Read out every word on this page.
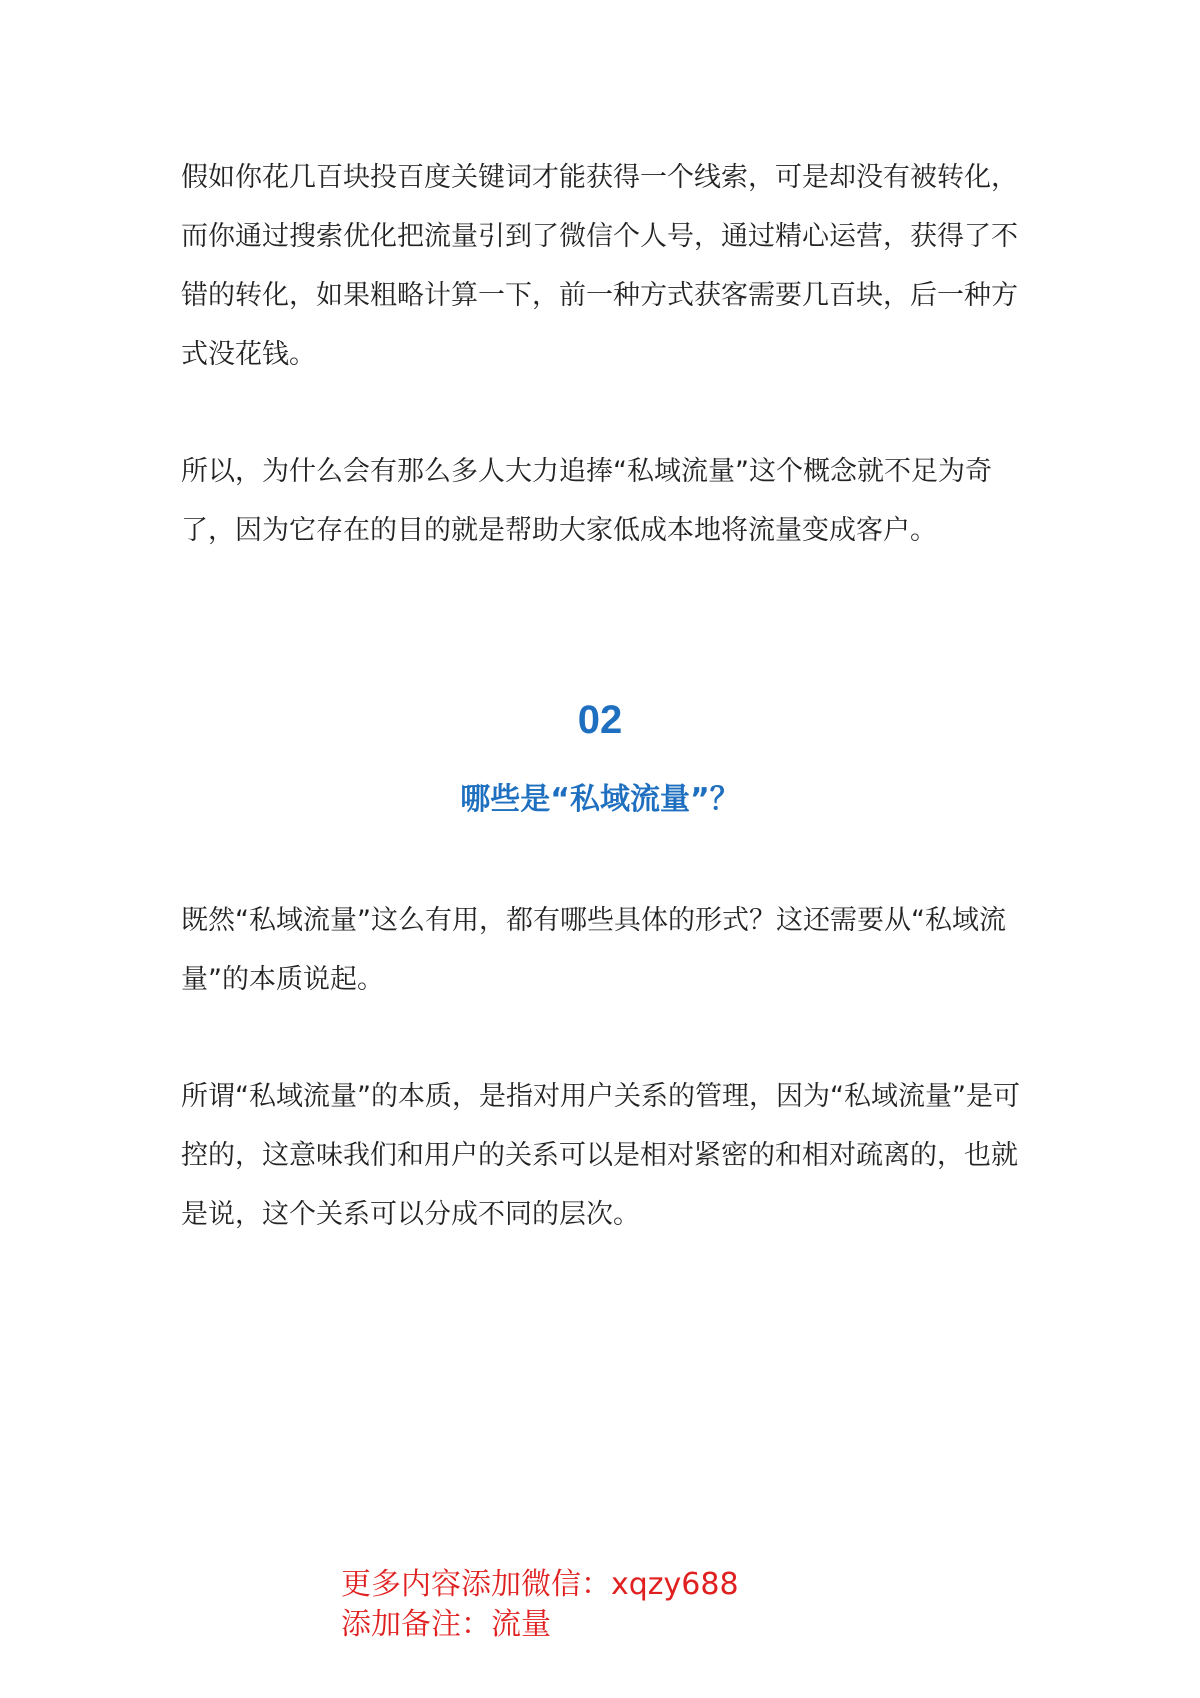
假如你花几百块投百度关键词才能获得一个线索，可是却没有被转化，而你通过搜索优化把流量引到了微信个人号，通过精心运营，获得了不错的转化，如果粗略计算一下，前一种方式获客需要几百块，后一种方式没花钱。

所以，为什么会有那么多人大力追捧“私域流量”这个概念就不足为奇了，因为它存在的目的就是帮助大家低成本地将流量变成客户。

02
哪些是“私域流量”？

既然“私域流量”这么有用，都有哪些具体的形式？这还需要从“私域流量”的本质说起。

所谓“私域流量”的本质，是指对用户关系的管理，因为“私域流量”是可控的，这意味我们和用户的关系可以是相对紧密的和相对疏离的，也就是说，这个关系可以分成不同的层次。

更多内容添加微信：xqzy688
添加备注：流量
